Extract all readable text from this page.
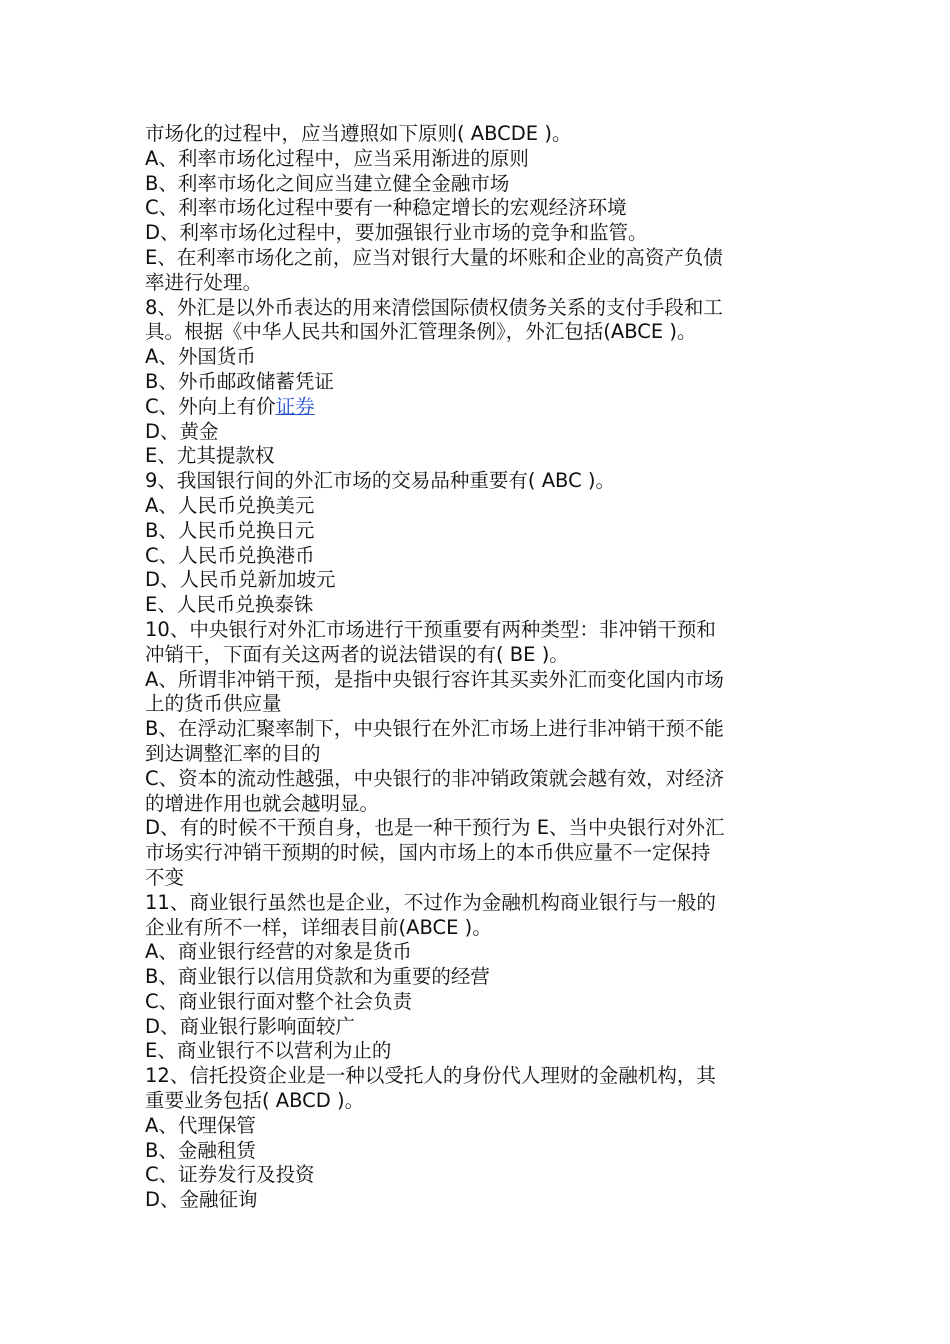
市场化的过程中，应当遵照如下原则( ABCDE )。
A、利率市场化过程中，应当采用渐进的原则
B、利率市场化之间应当建立健全金融市场
C、利率市场化过程中要有一种稳定增长的宏观经济环境
D、利率市场化过程中，要加强银行业市场的竞争和监管。
E、在利率市场化之前，应当对银行大量的坏账和企业的高资产负债
率进行处理。
8、外汇是以外币表达的用来清偿国际债权债务关系的支付手段和工
具。根据《中华人民共和国外汇管理条例》，外汇包括(ABCE )。
A、外国货币
B、外币邮政储蓄凭证
C、外向上有价证券
D、黄金
E、尤其提款权
9、我国银行间的外汇市场的交易品种重要有( ABC )。
A、人民币兑换美元
B、人民币兑换日元
C、人民币兑换港币
D、人民币兑新加坡元
E、人民币兑换泰铢
10、中央银行对外汇市场进行干预重要有两种类型：非冲销干预和
冲销干，下面有关这两者的说法错误的有( BE )。
A、所谓非冲销干预，是指中央银行容许其买卖外汇而变化国内市场
上的货币供应量
B、在浮动汇聚率制下，中央银行在外汇市场上进行非冲销干预不能
到达调整汇率的目的
C、资本的流动性越强，中央银行的非冲销政策就会越有效，对经济
的增进作用也就会越明显。
D、有的时候不干预自身，也是一种干预行为 E、当中央银行对外汇
市场实行冲销干预期的时候，国内市场上的本币供应量不一定保持
不变
11、商业银行虽然也是企业，不过作为金融机构商业银行与一般的
企业有所不一样，详细表目前(ABCE )。
A、商业银行经营的对象是货币
B、商业银行以信用贷款和为重要的经营
C、商业银行面对整个社会负责
D、商业银行影响面较广
E、商业银行不以营利为止的
12、信托投资企业是一种以受托人的身份代人理财的金融机构，其
重要业务包括( ABCD )。
A、代理保管
B、金融租赁
C、证券发行及投资
D、金融征询
